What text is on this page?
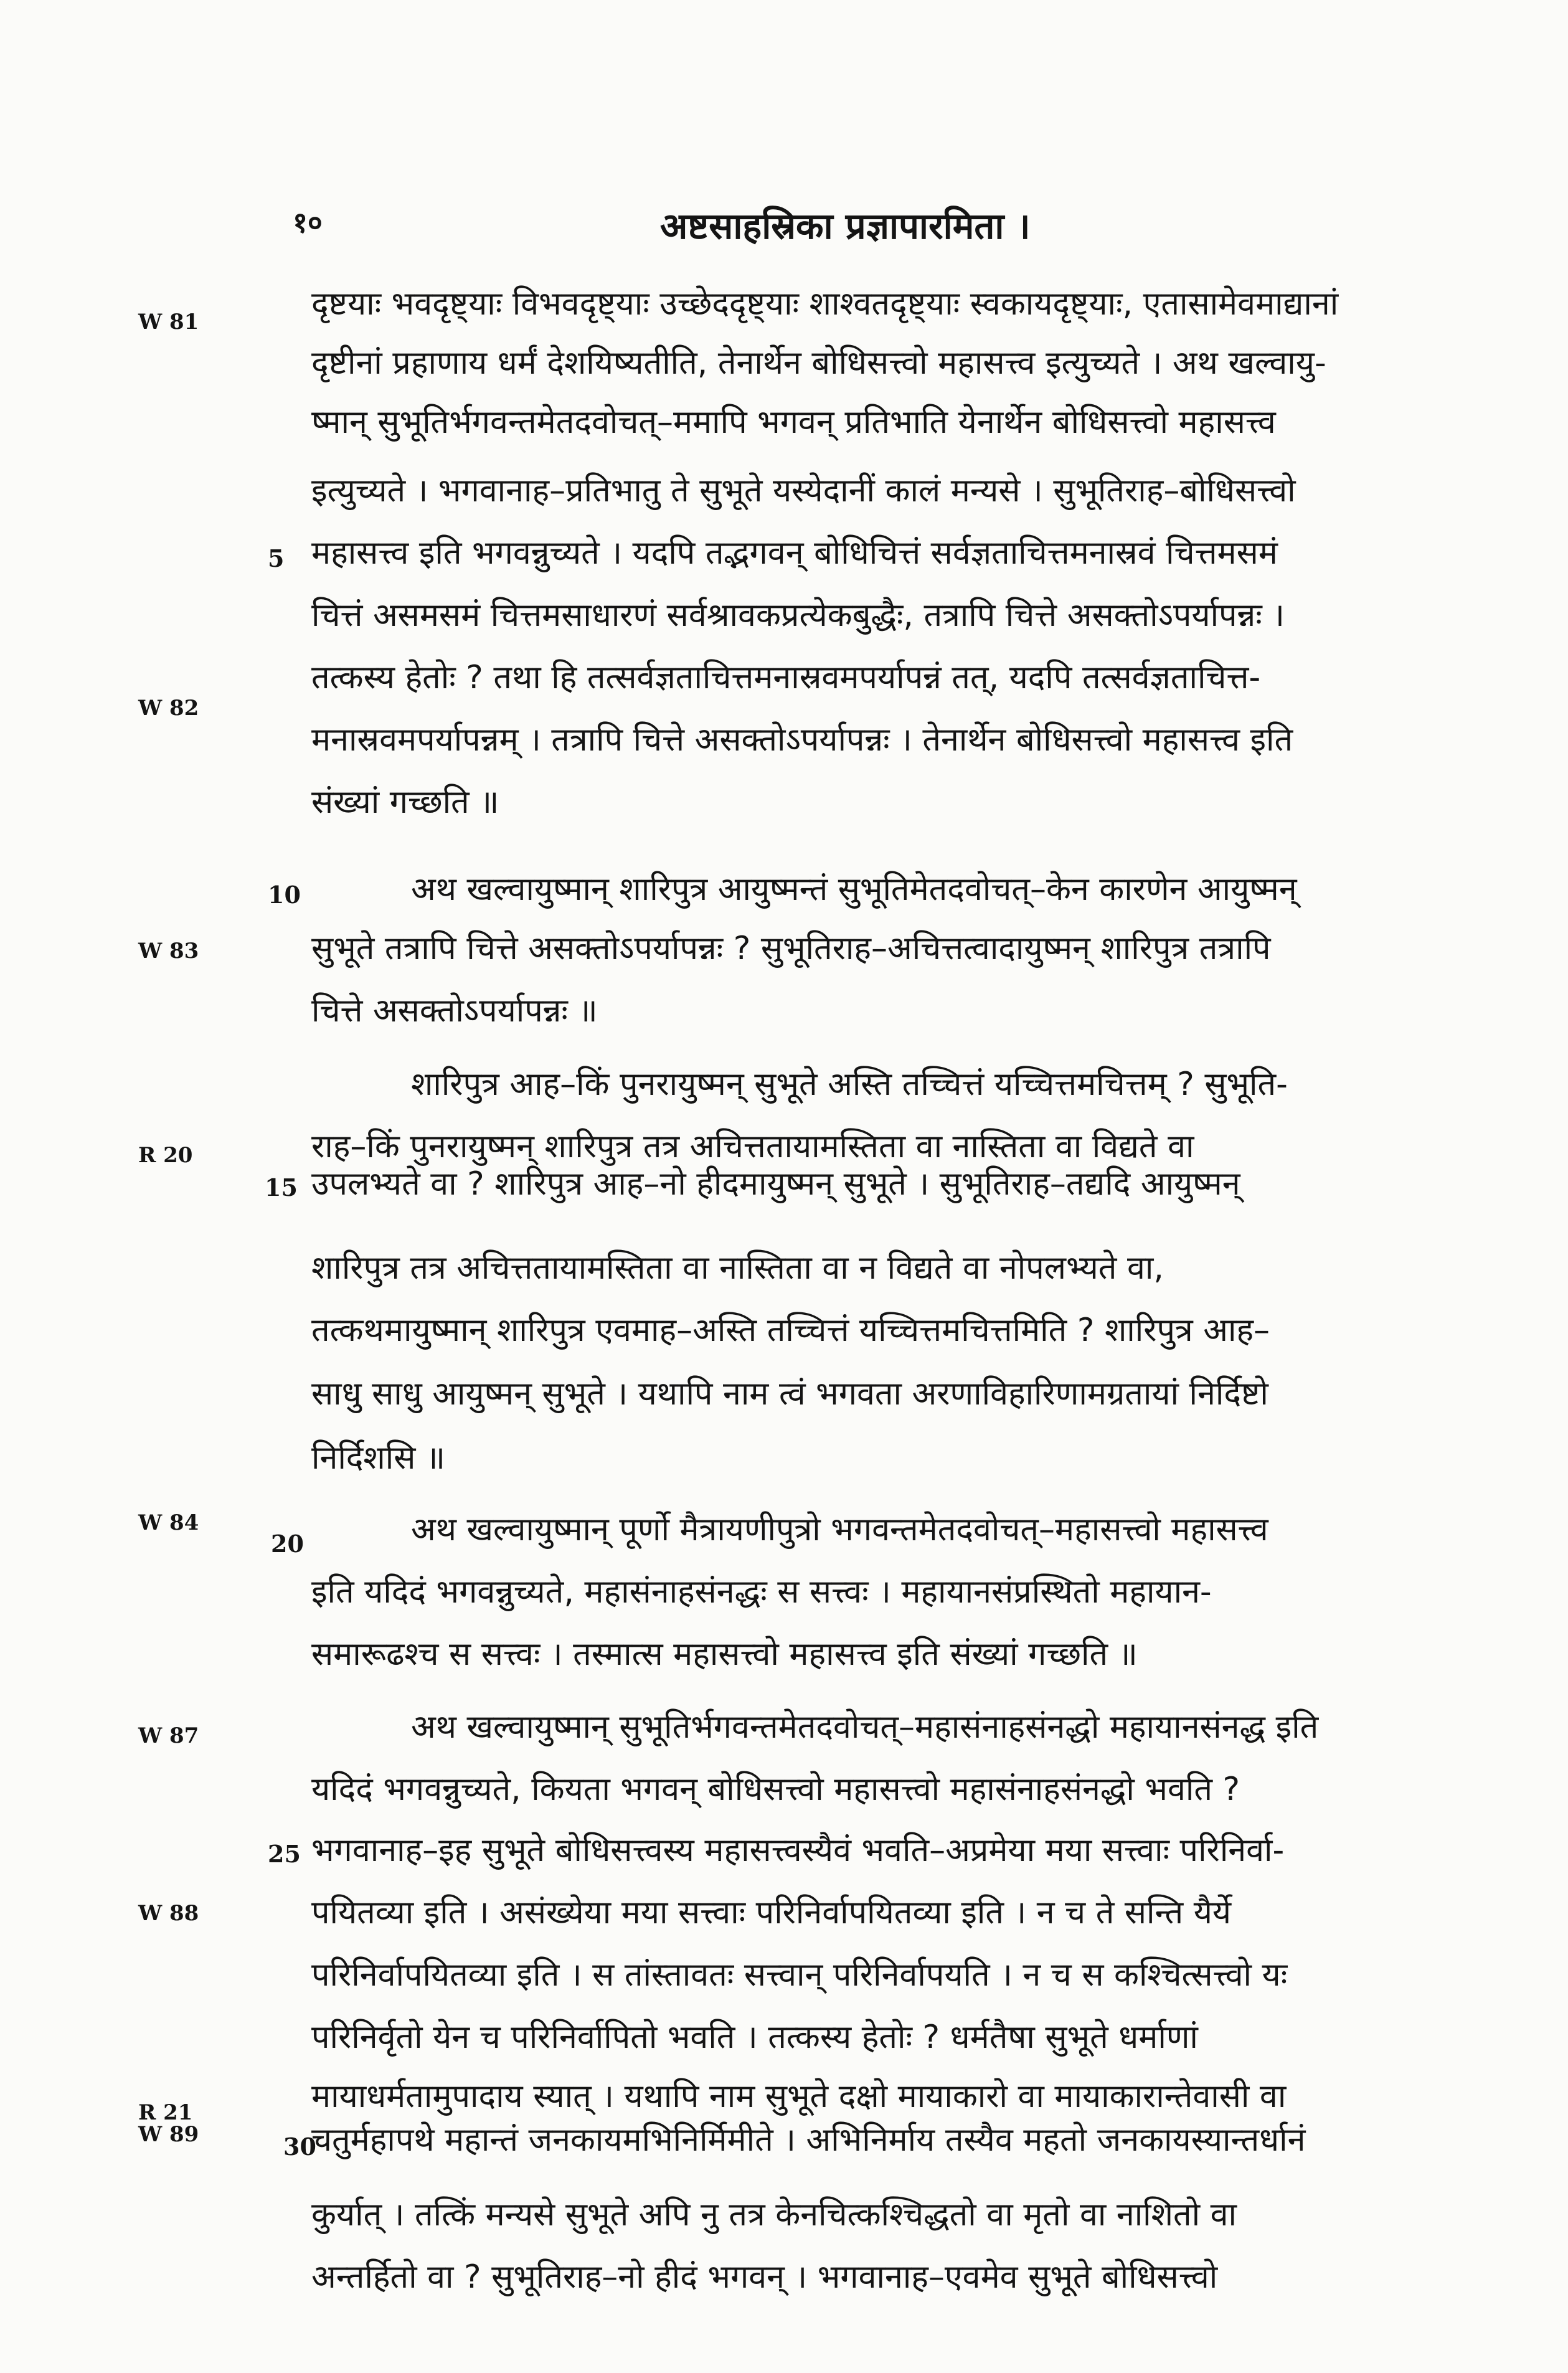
१०	अष्टसाहस्रिका प्रज्ञापारमिता ।
W 81
W 82
W 83
R 20
W 84
W 87
W 88
R 21
W 89
5
10
15
20
25
30
दृष्टयाः भवदृष्ट्याः विभवदृष्ट्याः उच्छेददृष्ट्याः शाश्वतदृष्ट्याः स्वकायदृष्ट्याः, एतासामेवमाद्यानां
दृष्टीनां प्रहाणाय धर्मं देशयिष्यतीति, तेनार्थेन बोधिसत्त्वो महासत्त्व इत्युच्यते । अथ खल्वायु-
ष्मान् सुभूतिर्भगवन्तमेतदवोचत्–ममापि भगवन् प्रतिभाति येनार्थेन बोधिसत्त्वो महासत्त्व
इत्युच्यते । भगवानाह–प्रतिभातु ते सुभूते यस्येदानीं कालं मन्यसे । सुभूतिराह–बोधिसत्त्वो
महासत्त्व इति भगवन्नुच्यते । यदपि तद्भगवन् बोधिचित्तं सर्वज्ञताचित्तमनास्रवं चित्तमसमं
चित्तं असमसमं चित्तमसाधारणं सर्वश्रावकप्रत्येकबुद्धैः, तत्रापि चित्ते असक्तोऽपर्यापन्नः ।
तत्कस्य हेतोः ? तथा हि तत्सर्वज्ञताचित्तमनास्रवमपर्यापन्नं तत्, यदपि तत्सर्वज्ञताचित्त-
मनास्रवमपर्यापन्नम् । तत्रापि चित्ते असक्तोऽपर्यापन्नः । तेनार्थेन बोधिसत्त्वो महासत्त्व इति
संख्यां गच्छति ॥
अथ खल्वायुष्मान् शारिपुत्र आयुष्मन्तं सुभूतिमेतदवोचत्–केन कारणेन आयुष्मन्
सुभूते तत्रापि चित्ते असक्तोऽपर्यापन्नः ? सुभूतिराह–अचित्तत्वादायुष्मन् शारिपुत्र तत्रापि
चित्ते असक्तोऽपर्यापन्नः ॥
शारिपुत्र आह–किं पुनरायुष्मन् सुभूते अस्ति तच्चित्तं यच्चित्तमचित्तम् ? सुभूति-
राह–किं पुनरायुष्मन् शारिपुत्र तत्र अचित्ततायामस्तिता वा नास्तिता वा विद्यते वा
उपलभ्यते वा ? शारिपुत्र आह–नो हीदमायुष्मन् सुभूते । सुभूतिराह–तद्यदि आयुष्मन्
शारिपुत्र तत्र अचित्ततायामस्तिता वा नास्तिता वा न विद्यते वा नोपलभ्यते वा,
तत्कथमायुष्मान् शारिपुत्र एवमाह–अस्ति तच्चित्तं यच्चित्तमचित्तमिति ? शारिपुत्र आह–
साधु साधु आयुष्मन् सुभूते । यथापि नाम त्वं भगवता अरणाविहारिणामग्रतायां निर्दिष्टो
निर्दिशसि ॥
अथ खल्वायुष्मान् पूर्णो मैत्रायणीपुत्रो भगवन्तमेतदवोचत्–महासत्त्वो महासत्त्व
इति यदिदं भगवन्नुच्यते, महासंनाहसंनद्धः स सत्त्वः । महायानसंप्रस्थितो महायान-
समारूढश्च स सत्त्वः । तस्मात्स महासत्त्वो महासत्त्व इति संख्यां गच्छति ॥
अथ खल्वायुष्मान् सुभूतिर्भगवन्तमेतदवोचत्–महासंनाहसंनद्धो महायानसंनद्ध इति
यदिदं भगवन्नुच्यते, कियता भगवन् बोधिसत्त्वो महासत्त्वो महासंनाहसंनद्धो भवति ?
भगवानाह–इह सुभूते बोधिसत्त्वस्य महासत्त्वस्यैवं भवति–अप्रमेया मया सत्त्वाः परिनिर्वा-
पयितव्या इति । असंख्येया मया सत्त्वाः परिनिर्वापयितव्या इति । न च ते सन्ति यैर्ये
परिनिर्वापयितव्या इति । स तांस्तावतः सत्त्वान् परिनिर्वापयति । न च स कश्चित्सत्त्वो यः
परिनिर्वृतो येन च परिनिर्वापितो भवति । तत्कस्य हेतोः ? धर्मतैषा सुभूते धर्माणां
मायाधर्मतामुपादाय स्यात् । यथापि नाम सुभूते दक्षो मायाकारो वा मायाकारान्तेवासी वा
चतुर्महापथे महान्तं जनकायमभिनिर्मिमीते । अभिनिर्माय तस्यैव महतो जनकायस्यान्तर्धानं
कुर्यात् । तत्किं मन्यसे सुभूते अपि नु तत्र केनचित्कश्चिद्धतो वा मृतो वा नाशितो वा
अन्तर्हितो वा ? सुभूतिराह–नो हीदं भगवन् । भगवानाह–एवमेव सुभूते बोधिसत्त्वो
